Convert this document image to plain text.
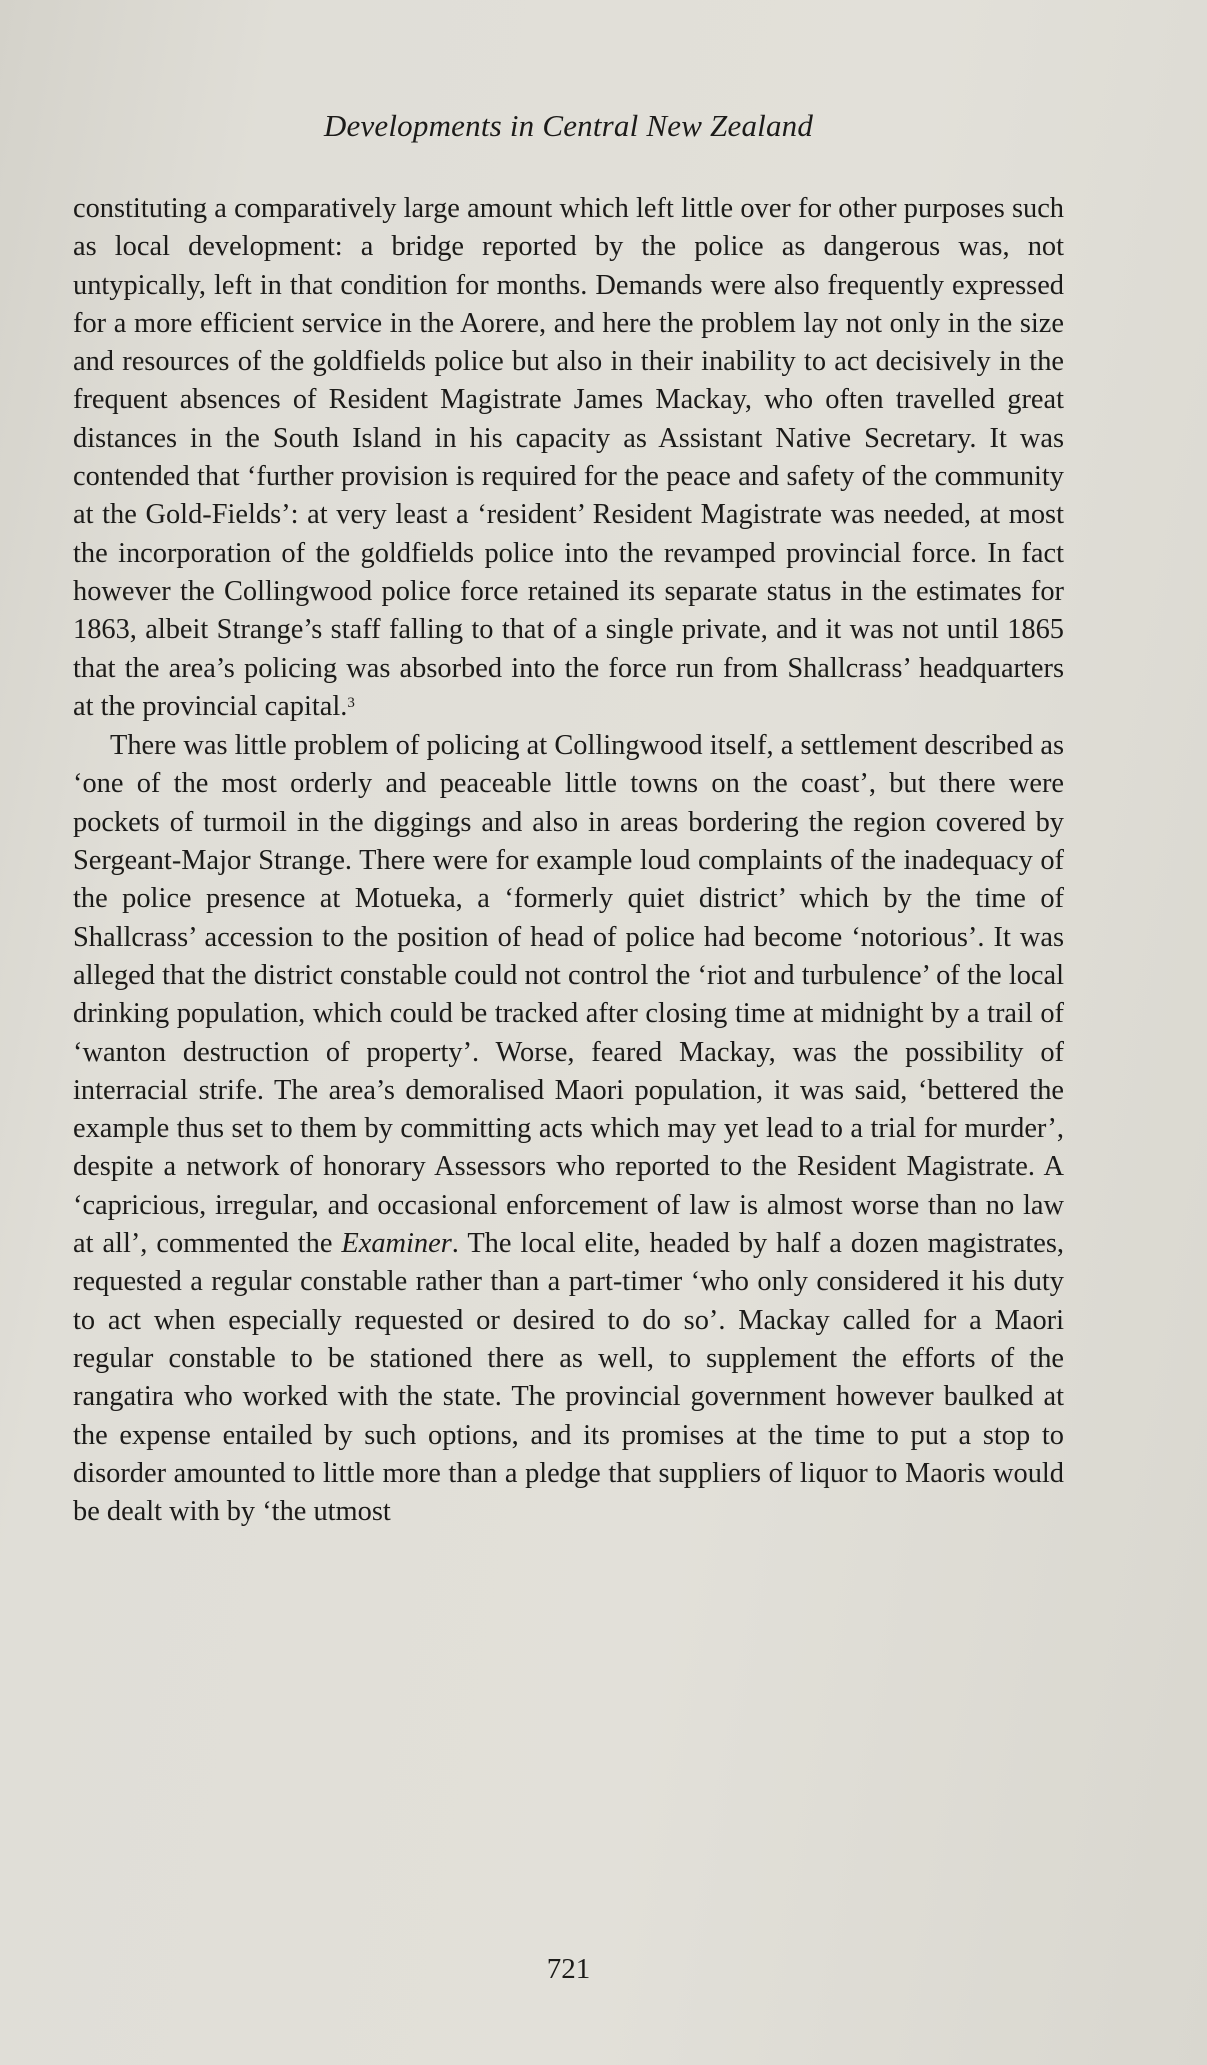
Developments in Central New Zealand

constituting a comparatively large amount which left little over for other purposes such as local development: a bridge reported by the police as dangerous was, not untypically, left in that condition for months. Demands were also frequently expressed for a more efficient service in the Aorere, and here the problem lay not only in the size and resources of the goldfields police but also in their inability to act decisively in the frequent absences of Resident Magistrate James Mackay, who often travelled great distances in the South Island in his capacity as Assistant Native Secretary. It was contended that ‘further provision is required for the peace and safety of the community at the Gold-Fields’: at very least a ‘resident’ Resident Magistrate was needed, at most the incorporation of the goldfields police into the revamped provincial force. In fact however the Collingwood police force retained its separate status in the estimates for 1863, albeit Strange’s staff falling to that of a single private, and it was not until 1865 that the area’s policing was absorbed into the force run from Shallcrass’ headquarters at the provincial capital.$^3$

There was little problem of policing at Collingwood itself, a settlement described as ‘one of the most orderly and peaceable little towns on the coast’, but there were pockets of turmoil in the diggings and also in areas bordering the region covered by Sergeant-Major Strange. There were for example loud complaints of the inadequacy of the police presence at Motueka, a ‘formerly quiet district’ which by the time of Shallcrass’ accession to the position of head of police had become ‘notorious’. It was alleged that the district constable could not control the ‘riot and turbulence’ of the local drinking population, which could be tracked after closing time at midnight by a trail of ‘wanton destruction of property’. Worse, feared Mackay, was the possibility of interracial strife. The area’s demoralised Maori population, it was said, ‘bettered the example thus set to them by committing acts which may yet lead to a trial for murder’, despite a network of honorary Assessors who reported to the Resident Magistrate. A ‘capricious, irregular, and occasional enforcement of law is almost worse than no law at all’, commented the Examiner. The local elite, headed by half a dozen magistrates, requested a regular constable rather than a part-timer ‘who only considered it his duty to act when especially requested or desired to do so’. Mackay called for a Maori regular constable to be stationed there as well, to supplement the efforts of the rangatira who worked with the state. The provincial government however baulked at the expense entailed by such options, and its promises at the time to put a stop to disorder amounted to little more than a pledge that suppliers of liquor to Maoris would be dealt with by ‘the utmost

721
